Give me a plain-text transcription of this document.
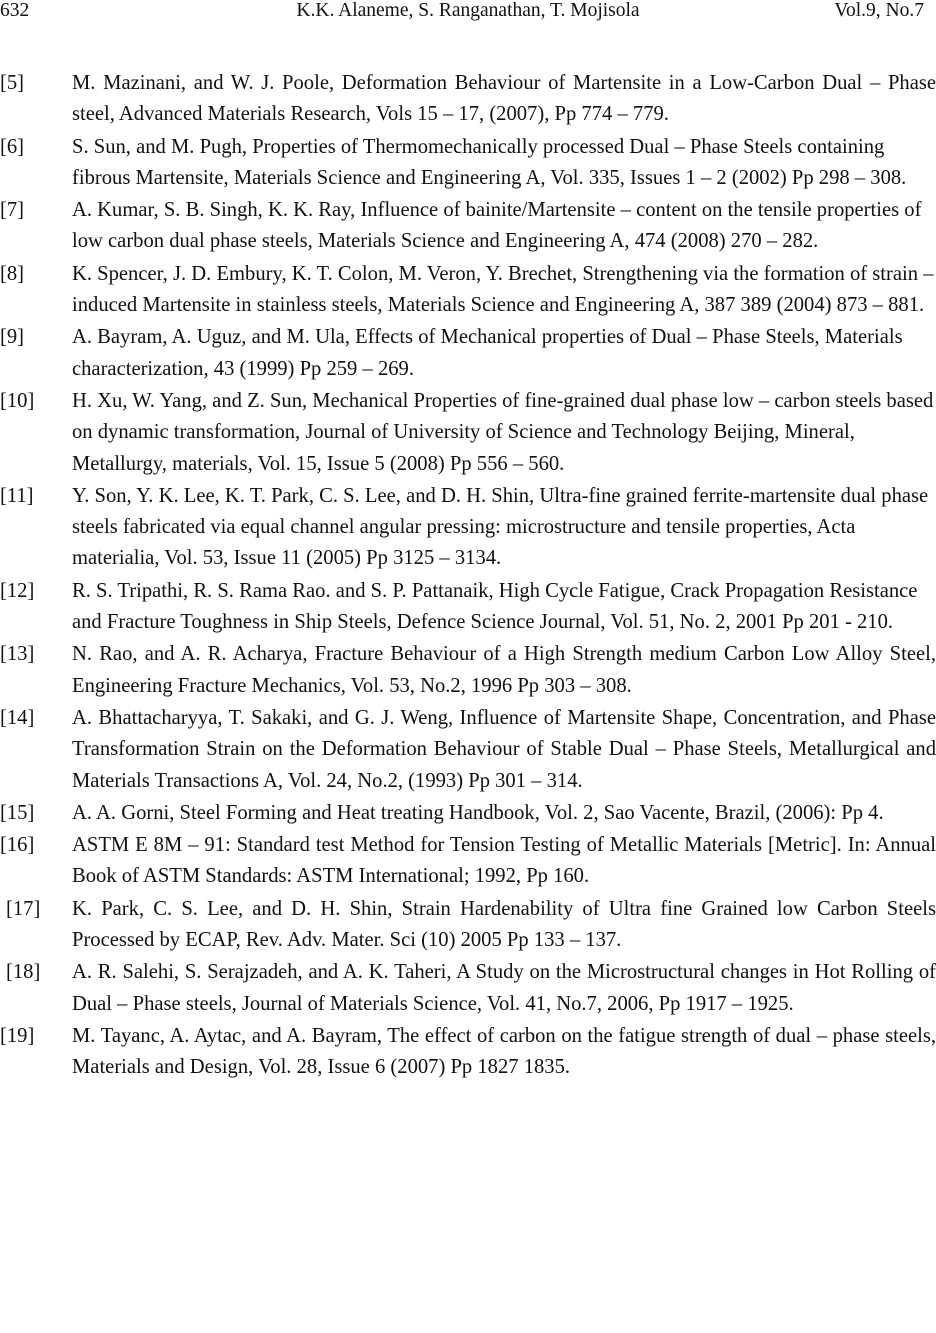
632	K.K. Alaneme, S. Ranganathan, T. Mojisola	Vol.9, No.7
[5] M. Mazinani, and W. J. Poole, Deformation Behaviour of Martensite in a Low-Carbon Dual – Phase steel, Advanced Materials Research, Vols 15 – 17, (2007), Pp 774 – 779.
[6] S. Sun, and M. Pugh, Properties of Thermomechanically processed Dual – Phase Steels containing fibrous Martensite, Materials Science and Engineering A, Vol. 335, Issues 1 – 2 (2002) Pp 298 – 308.
[7] A. Kumar, S. B. Singh, K. K. Ray, Influence of bainite/Martensite – content on the tensile properties of low carbon dual phase steels, Materials Science and Engineering A, 474 (2008) 270 – 282.
[8] K. Spencer, J. D. Embury, K. T. Colon, M. Veron, Y. Brechet, Strengthening via the formation of strain – induced Martensite in stainless steels, Materials Science and Engineering A, 387 389 (2004) 873 – 881.
[9] A. Bayram, A. Uguz, and M. Ula, Effects of Mechanical properties of Dual – Phase Steels, Materials characterization, 43 (1999) Pp 259 – 269.
[10] H. Xu, W. Yang, and Z. Sun, Mechanical Properties of fine-grained dual phase low – carbon steels based on dynamic transformation, Journal of University of Science and Technology Beijing, Mineral, Metallurgy, materials, Vol. 15, Issue 5 (2008) Pp 556 – 560.
[11] Y. Son, Y. K. Lee, K. T. Park, C. S. Lee, and D. H. Shin, Ultra-fine grained ferrite-martensite dual phase steels fabricated via equal channel angular pressing: microstructure and tensile properties, Acta materialia, Vol. 53, Issue 11 (2005) Pp 3125 – 3134.
[12] R. S. Tripathi, R. S. Rama Rao. and S. P. Pattanaik, High Cycle Fatigue, Crack Propagation Resistance and Fracture Toughness in Ship Steels, Defence Science Journal, Vol. 51, No. 2, 2001 Pp 201 - 210.
[13] N. Rao, and A. R. Acharya, Fracture Behaviour of a High Strength medium Carbon Low Alloy Steel, Engineering Fracture Mechanics, Vol. 53, No.2, 1996 Pp 303 – 308.
[14] A. Bhattacharyya, T. Sakaki, and G. J. Weng, Influence of Martensite Shape, Concentration, and Phase Transformation Strain on the Deformation Behaviour of Stable Dual – Phase Steels, Metallurgical and Materials Transactions A, Vol. 24, No.2, (1993) Pp 301 – 314.
[15] A. A. Gorni, Steel Forming and Heat treating Handbook, Vol. 2, Sao Vacente, Brazil, (2006): Pp 4.
[16] ASTM E 8M – 91: Standard test Method for Tension Testing of Metallic Materials [Metric]. In: Annual Book of ASTM Standards: ASTM International; 1992, Pp 160.
[17] K. Park, C. S. Lee, and D. H. Shin, Strain Hardenability of Ultra fine Grained low Carbon Steels Processed by ECAP, Rev. Adv. Mater. Sci (10) 2005 Pp 133 – 137.
[18] A. R. Salehi, S. Serajzadeh, and A. K. Taheri, A Study on the Microstructural changes in Hot Rolling of Dual – Phase steels, Journal of Materials Science, Vol. 41, No.7, 2006, Pp 1917 – 1925.
[19] M. Tayanc, A. Aytac, and A. Bayram, The effect of carbon on the fatigue strength of dual – phase steels, Materials and Design, Vol. 28, Issue 6 (2007) Pp 1827 1835.
